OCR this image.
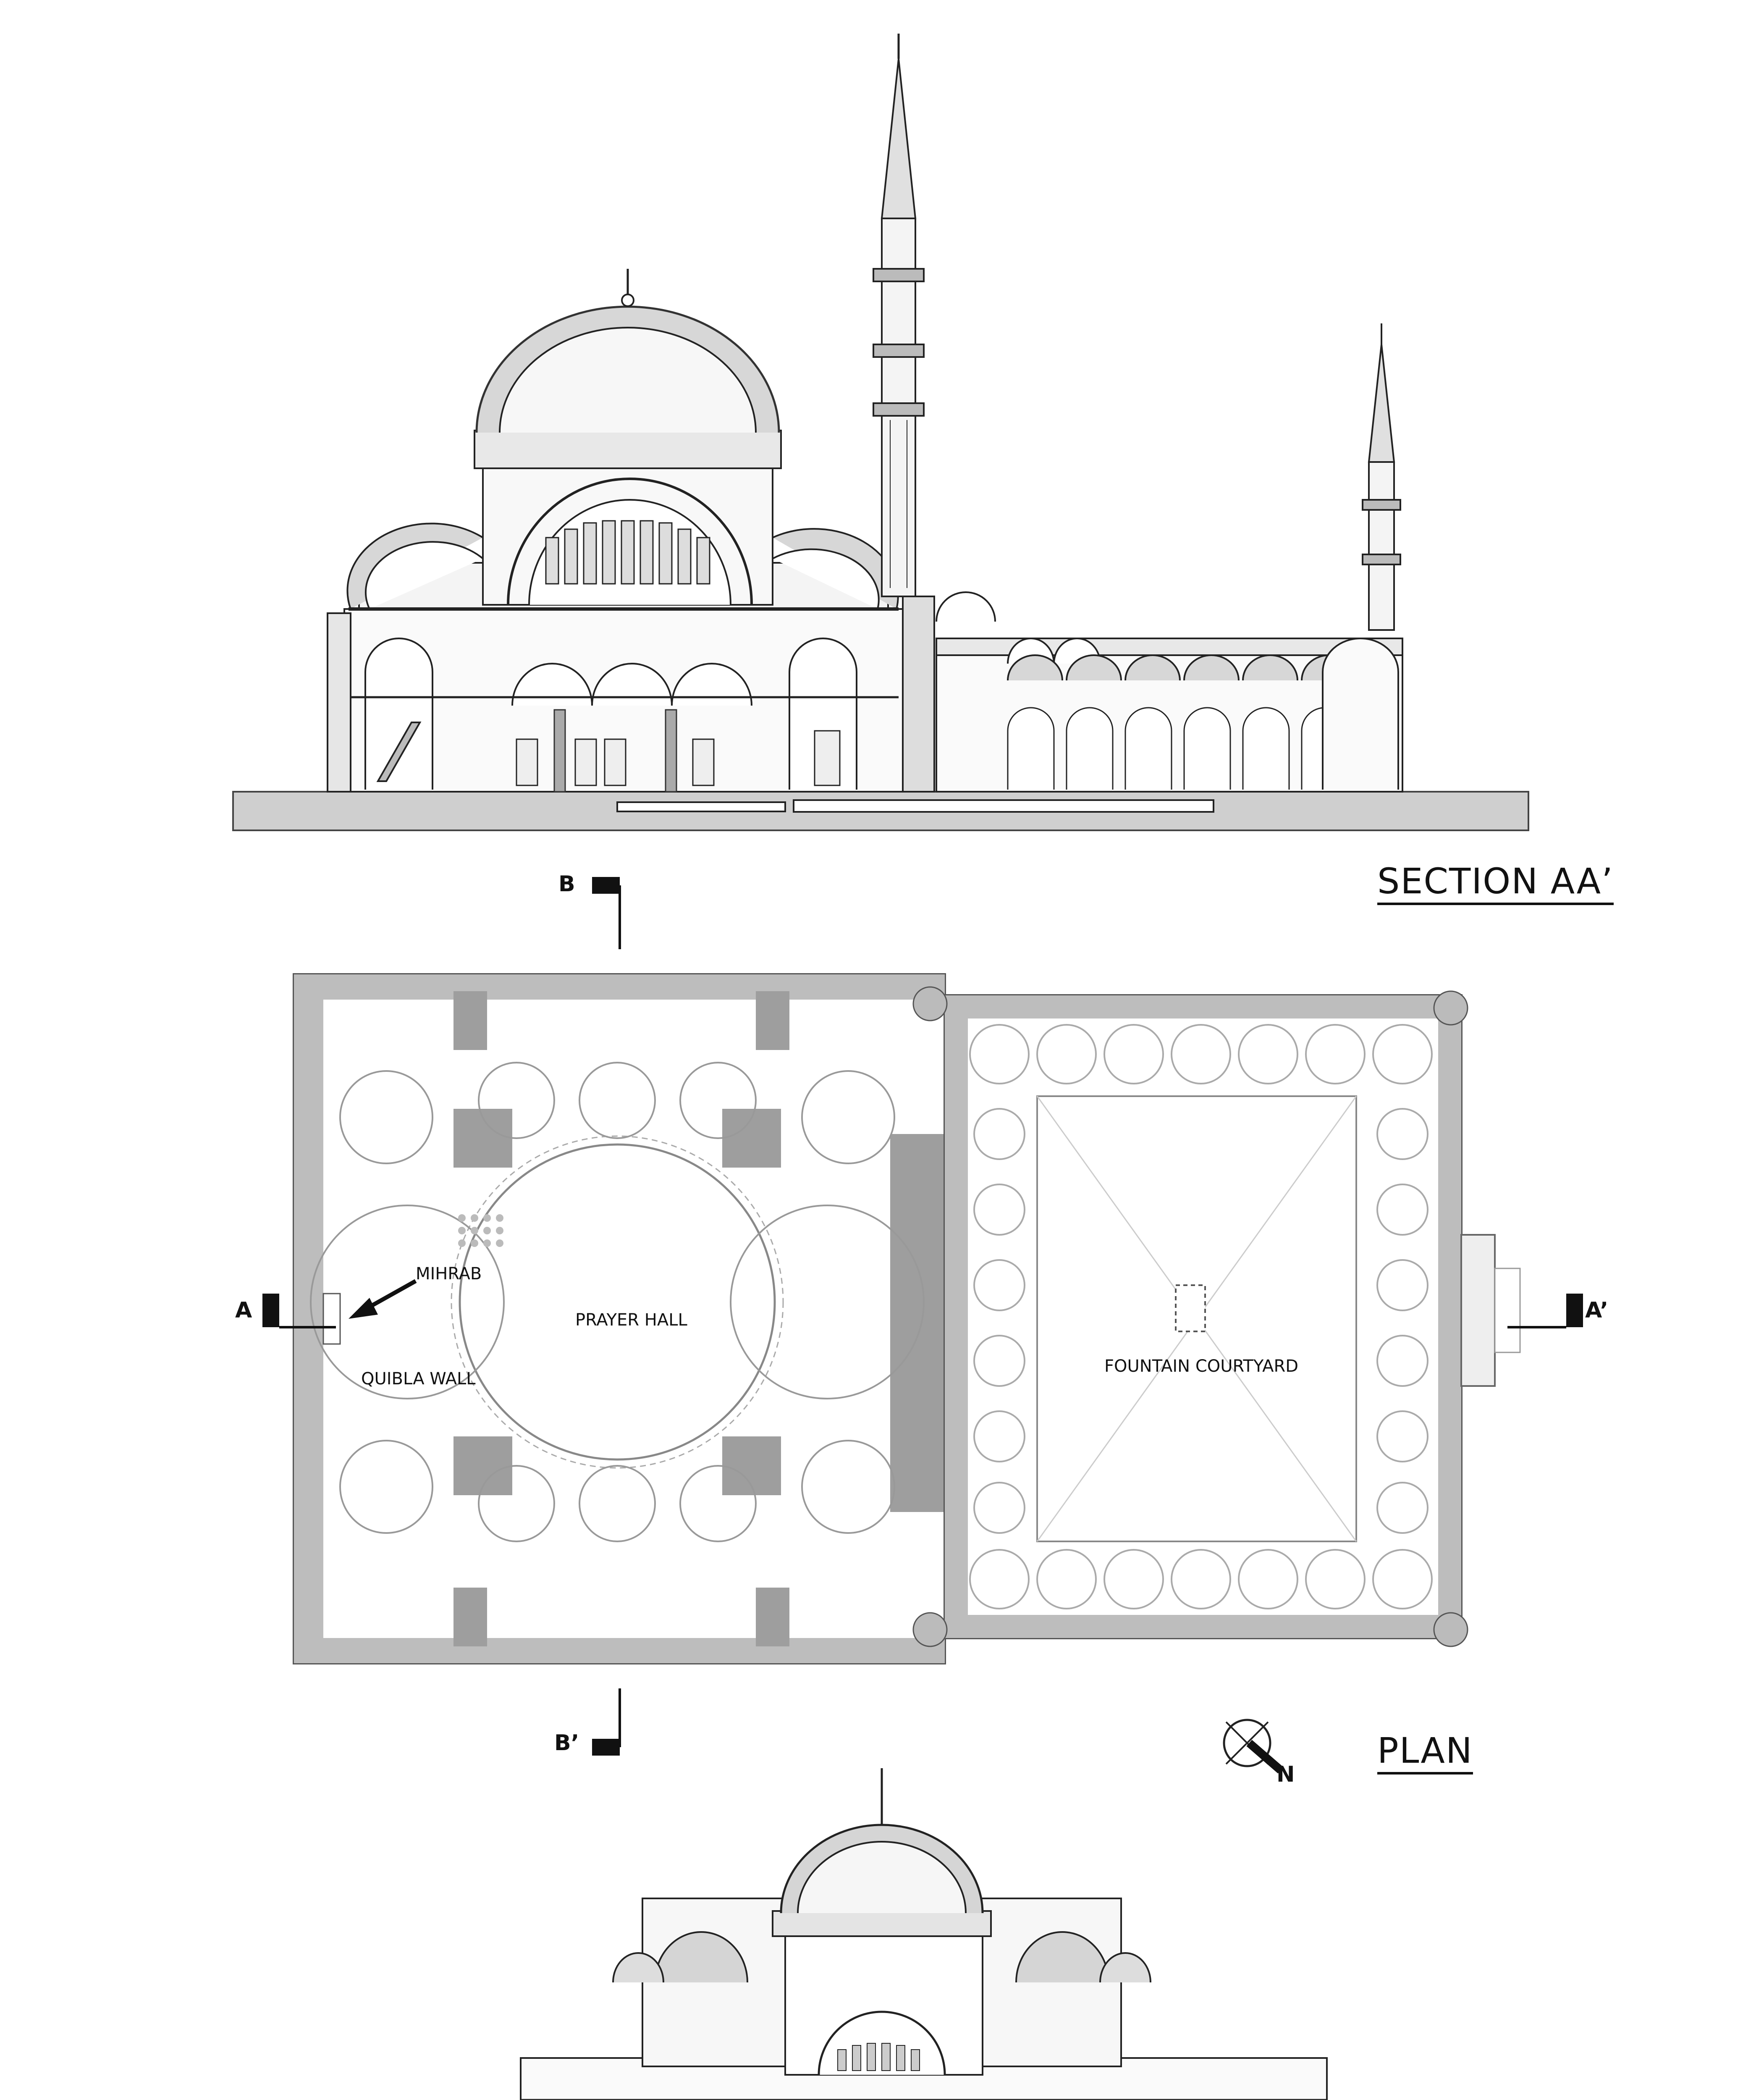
SECTION AA’
PLAN
MIHRAB
QUIBLA WALL
PRAYER HALL
FOUNTAIN COURTYARD
B
A	A’
B’
N
